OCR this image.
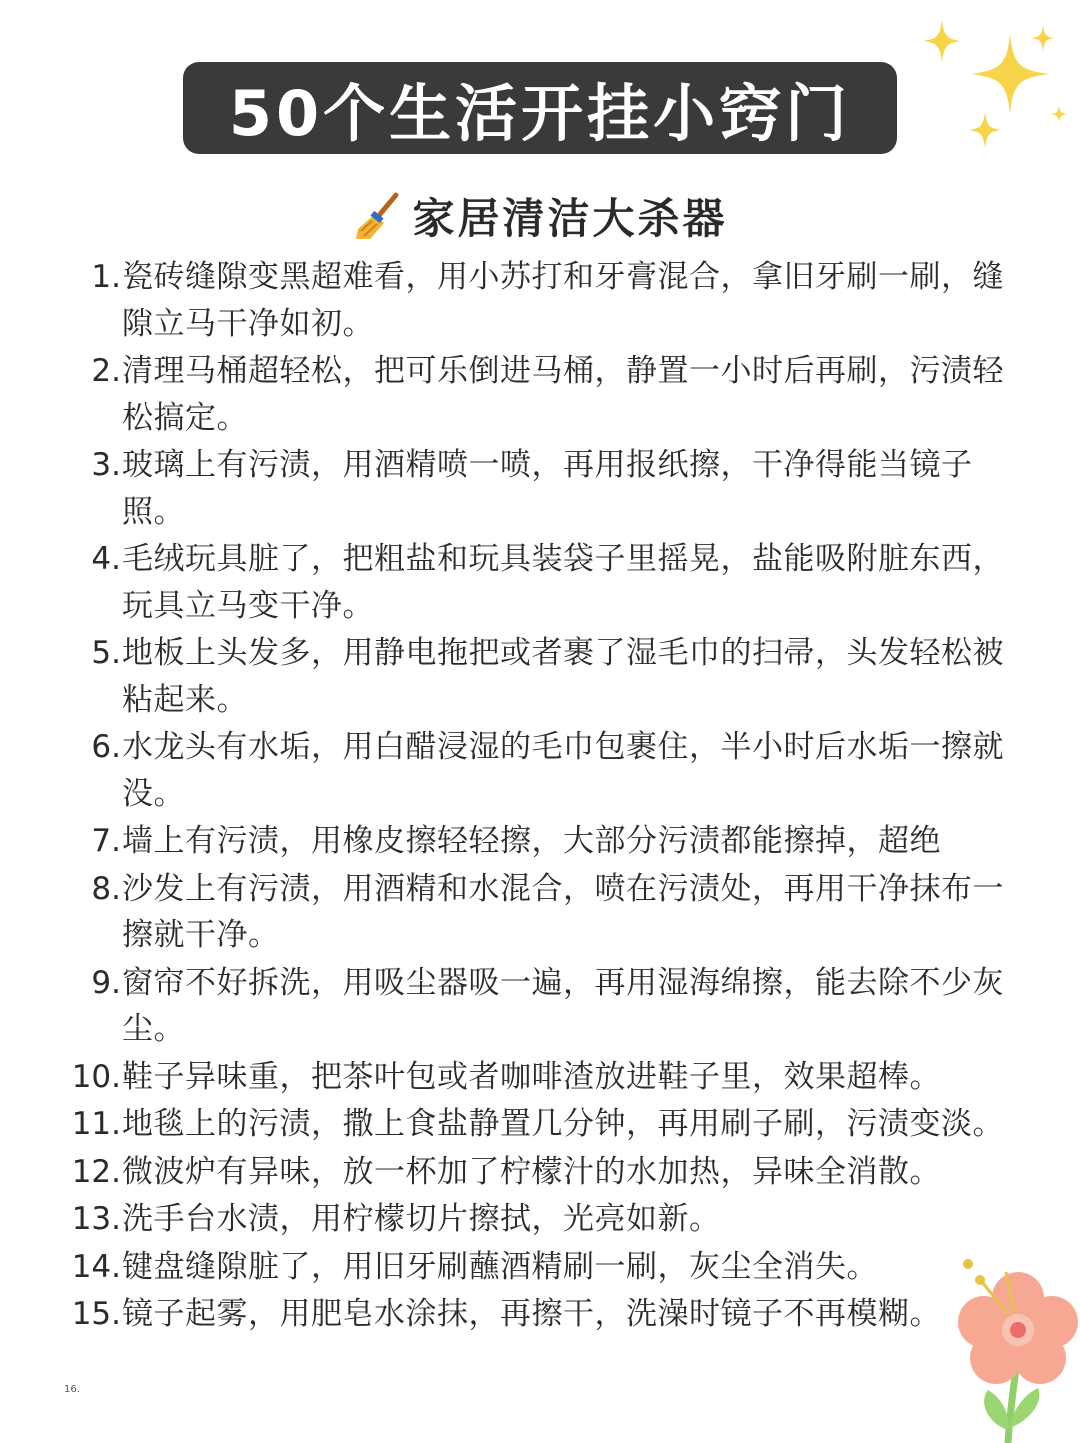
50个生活开挂小窍门
家居清洁大杀器
1. 瓷砖缝隙变黑超难看，用小苏打和牙膏混合，拿旧牙刷一刷，缝隙立马干净如初。
2. 清理马桶超轻松，把可乐倒进马桶，静置一小时后再刷，污渍轻松搞定。
3. 玻璃上有污渍，用酒精喷一喷，再用报纸擦，干净得能当镜子照。
4. 毛绒玩具脏了，把粗盐和玩具装袋子里摇晃，盐能吸附脏东西，玩具立马变干净。
5. 地板上头发多，用静电拖把或者裹了湿毛巾的扫帚，头发轻松被粘起来。
6. 水龙头有水垢，用白醋浸湿的毛巾包裹住，半小时后水垢一擦就没。
7. 墙上有污渍，用橡皮擦轻轻擦，大部分污渍都能擦掉，超绝
8. 沙发上有污渍，用酒精和水混合，喷在污渍处，再用干净抹布一擦就干净。
9. 窗帘不好拆洗，用吸尘器吸一遍，再用湿海绵擦，能去除不少灰尘。
10. 鞋子异味重，把茶叶包或者咖啡渣放进鞋子里，效果超棒。
11. 地毯上的污渍，撒上食盐静置几分钟，再用刷子刷，污渍变淡。
12. 微波炉有异味，放一杯加了柠檬汁的水加热，异味全消散。
13. 洗手台水渍，用柠檬切片擦拭，光亮如新。
14. 键盘缝隙脏了，用旧牙刷蘸酒精刷一刷，灰尘全消失。
15. 镜子起雾，用肥皂水涂抹，再擦干，洗澡时镜子不再模糊。
16.
